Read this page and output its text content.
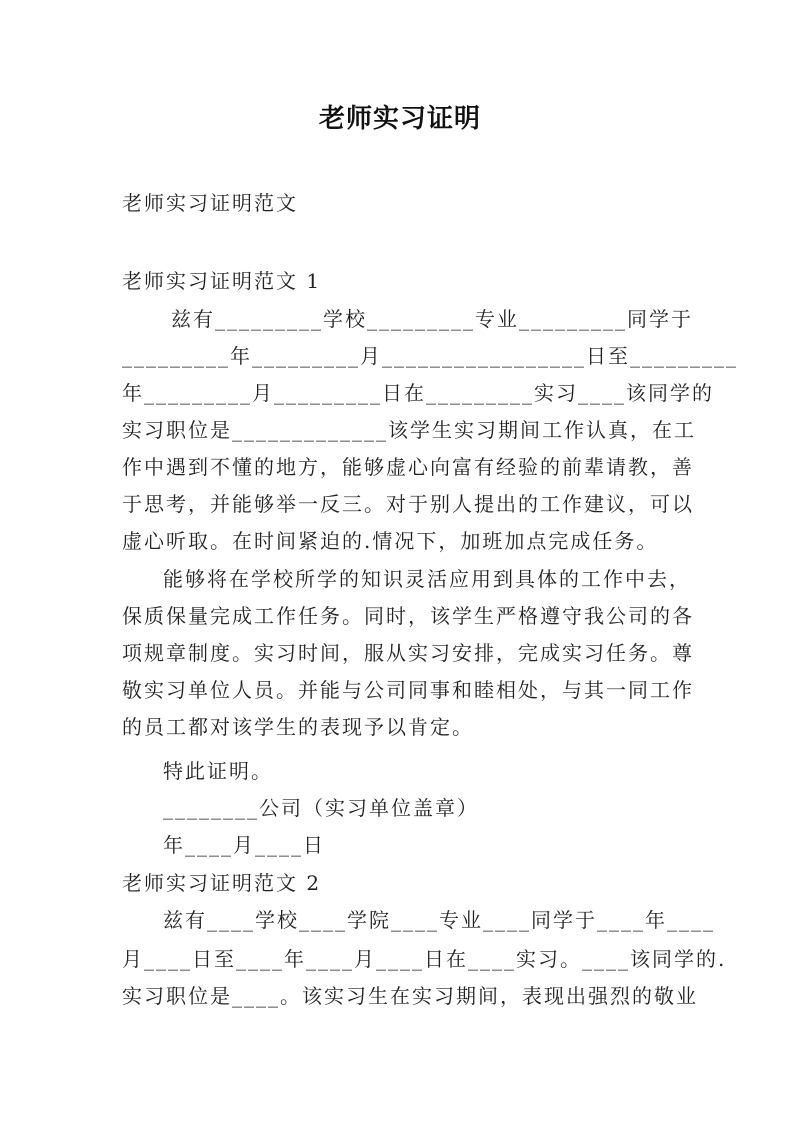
老师实习证明
老师实习证明范文
老师实习证明范文 1
兹有_________学校_________专业_________同学于
_________年_________月_________________日至_________
年_________月_________日在_________实习____该同学的
实习职位是_____________该学生实习期间工作认真，在工
作中遇到不懂的地方，能够虚心向富有经验的前辈请教，善
于思考，并能够举一反三。对于别人提出的工作建议，可以
虚心听取。在时间紧迫的.情况下，加班加点完成任务。
能够将在学校所学的知识灵活应用到具体的工作中去，
保质保量完成工作任务。同时，该学生严格遵守我公司的各
项规章制度。实习时间，服从实习安排，完成实习任务。尊
敬实习单位人员。并能与公司同事和睦相处，与其一同工作
的员工都对该学生的表现予以肯定。
特此证明。
________公司（实习单位盖章）
年____月____日
老师实习证明范文 2
兹有____学校____学院____专业____同学于____年____
月____日至____年____月____日在____实习。____该同学的.
实习职位是____。该实习生在实习期间，表现出强烈的敬业
